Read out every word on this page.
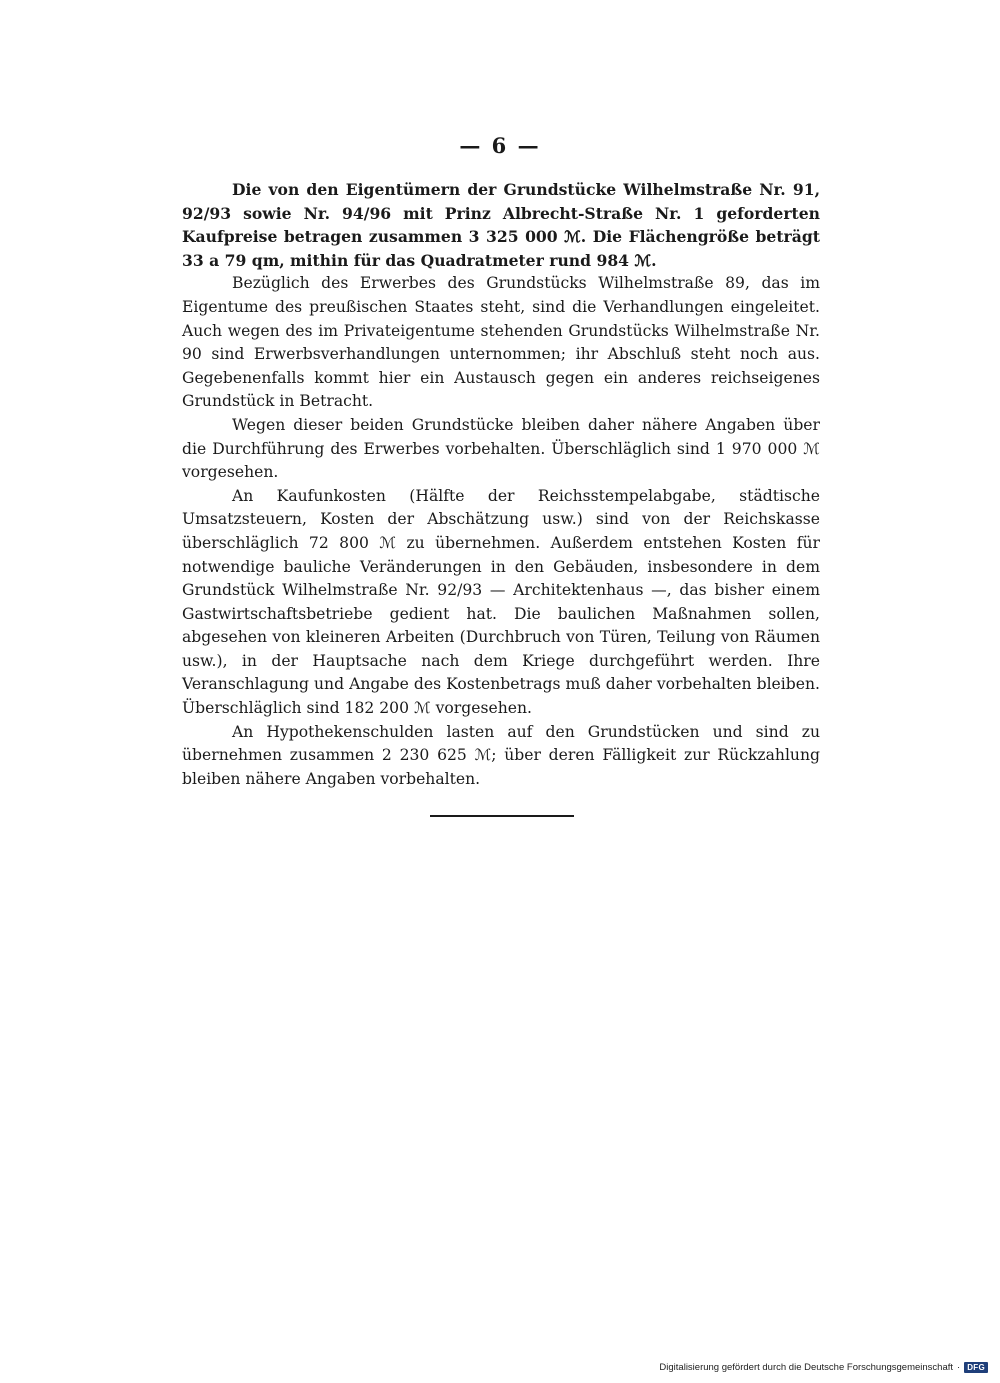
— 6 —

Die von den Eigentümern der Grundstücke Wilhelmstraße Nr. 91, 92/93 sowie Nr. 94/96 mit Prinz Albrecht-Straße Nr. 1 geforderten Kaufpreise betragen zusammen 3 325 000 ℳ. Die Flächengröße beträgt 33 a 79 qm, mithin für das Quadratmeter rund 984 ℳ.

Bezüglich des Erwerbes des Grundstücks Wilhelmstraße 89, das im Eigentume des preußischen Staates steht, sind die Verhandlungen eingeleitet. Auch wegen des im Privateigentume stehenden Grundstücks Wilhelmstraße Nr. 90 sind Erwerbsverhandlungen unternommen; ihr Abschluß steht noch aus. Gegebenenfalls kommt hier ein Austausch gegen ein anderes reichseigenes Grundstück in Betracht.

Wegen dieser beiden Grundstücke bleiben daher nähere Angaben über die Durchführung des Erwerbes vorbehalten. Überschläglich sind 1 970 000 ℳ vorgesehen.

An Kaufunkosten (Hälfte der Reichsstempelabgabe, städtische Umsatzsteuern, Kosten der Abschätzung usw.) sind von der Reichskasse überschläglich 72 800 ℳ zu übernehmen. Außerdem entstehen Kosten für notwendige bauliche Veränderungen in den Gebäuden, insbesondere in dem Grundstück Wilhelmstraße Nr. 92/93 — Architektenhaus —, das bisher einem Gastwirtschaftsbetriebe gedient hat. Die baulichen Maßnahmen sollen, abgesehen von kleineren Arbeiten (Durchbruch von Türen, Teilung von Räumen usw.), in der Hauptsache nach dem Kriege durchgeführt werden. Ihre Veranschlagung und Angabe des Kostenbetrags muß daher vorbehalten bleiben. Überschläglich sind 182 200 ℳ vorgesehen.

An Hypothekenschulden lasten auf den Grundstücken und sind zu übernehmen zusammen 2 230 625 ℳ; über deren Fälligkeit zur Rückzahlung bleiben nähere Angaben vorbehalten.

Digitalisierung gefördert durch die Deutsche Forschungsgemeinschaft · DFG
